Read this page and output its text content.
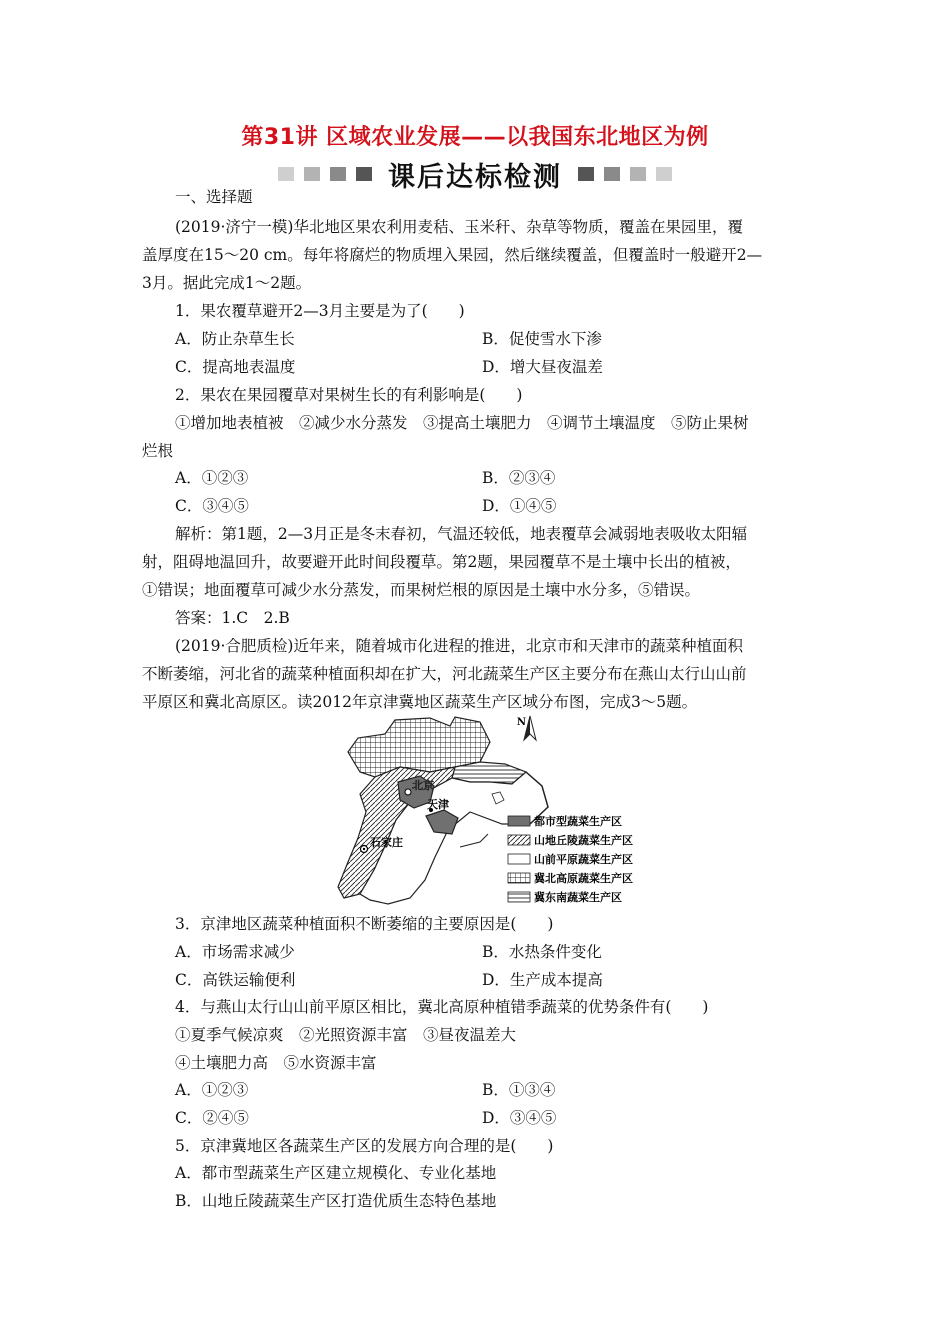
第31讲 区域农业发展——以我国东北地区为例
课后达标检测
一、选择题
(2019·济宁一模)华北地区果农利用麦秸、玉米秆、杂草等物质，覆盖在果园里，覆
盖厚度在15～20 cm。每年将腐烂的物质埋入果园，然后继续覆盖，但覆盖时一般避开2—
3月。据此完成1～2题。
1．果农覆草避开2—3月主要是为了(　　)
A．防止杂草生长	B．促使雪水下渗
C．提高地表温度	D．增大昼夜温差
2．果农在果园覆草对果树生长的有利影响是(　　)
①增加地表植被　②减少水分蒸发　③提高土壤肥力　④调节土壤温度　⑤防止果树
烂根
A．①②③	B．②③④
C．③④⑤	D．①④⑤
解析：第1题，2—3月正是冬末春初，气温还较低，地表覆草会减弱地表吸收太阳辐
射，阻碍地温回升，故要避开此时间段覆草。第2题，果园覆草不是土壤中长出的植被，
①错误；地面覆草可减少水分蒸发，而果树烂根的原因是土壤中水分多，⑤错误。
答案：1.C　2.B
(2019·合肥质检)近年来，随着城市化进程的推进，北京市和天津市的蔬菜种植面积
不断萎缩，河北省的蔬菜种植面积却在扩大，河北蔬菜生产区主要分布在燕山太行山山前
平原区和冀北高原区。读2012年京津冀地区蔬菜生产区域分布图，完成3～5题。
N
北京
天津
石家庄
都市型蔬菜生产区
山地丘陵蔬菜生产区
山前平原蔬菜生产区
冀北高原蔬菜生产区
冀东南蔬菜生产区
3．京津地区蔬菜种植面积不断萎缩的主要原因是(　　)
A．市场需求减少	B．水热条件变化
C．高铁运输便利	D．生产成本提高
4．与燕山太行山山前平原区相比，冀北高原种植错季蔬菜的优势条件有(　　)
①夏季气候凉爽　②光照资源丰富　③昼夜温差大
④土壤肥力高　⑤水资源丰富
A．①②③	B．①③④
C．②④⑤	D．③④⑤
5．京津冀地区各蔬菜生产区的发展方向合理的是(　　)
A．都市型蔬菜生产区建立规模化、专业化基地
B．山地丘陵蔬菜生产区打造优质生态特色基地
